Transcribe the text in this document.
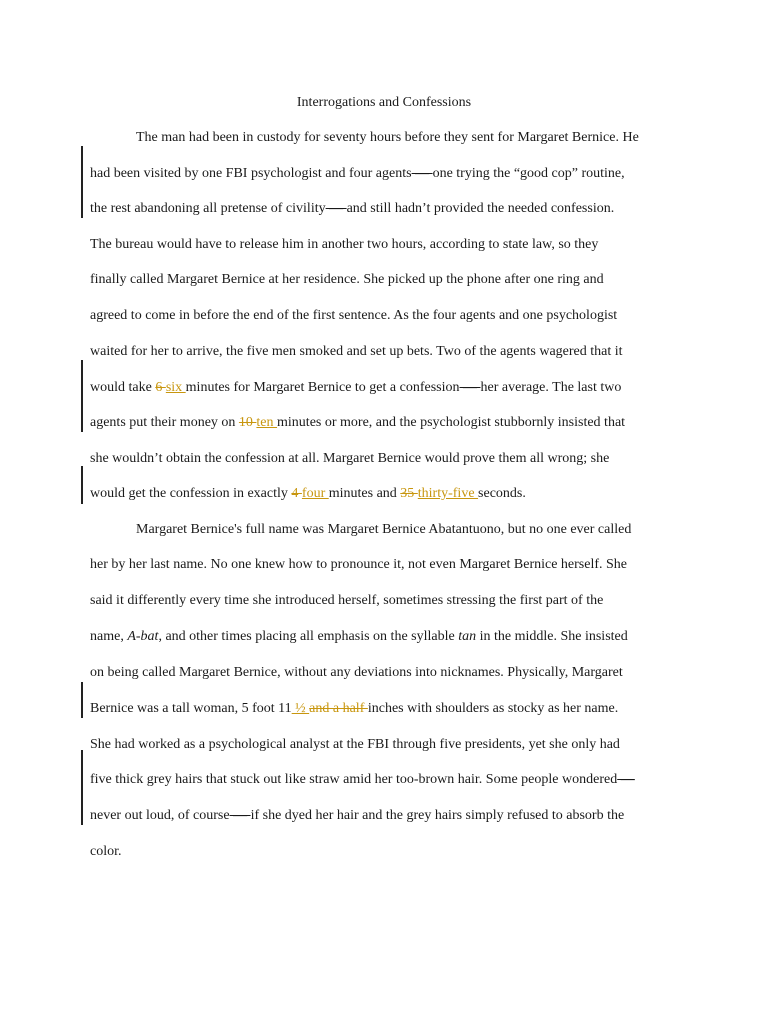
Interrogations and Confessions
The man had been in custody for seventy hours before they sent for Margaret Bernice. He
had been visited by one FBI psychologist and four agents — one trying the “good cop” routine,
the rest abandoning all pretense of civility — and still hadn’t provided the needed confession.
The bureau would have to release him in another two hours, according to state law, so they
finally called Margaret Bernice at her residence. She picked up the phone after one ring and
agreed to come in before the end of the first sentence. As the four agents and one psychologist
waited for her to arrive, the five men smoked and set up bets. Two of the agents wagered that it
would take 6 six minutes for Margaret Bernice to get a confession — her average. The last two
agents put their money on 10 ten minutes or more, and the psychologist stubbornly insisted that
she wouldn’t obtain the confession at all. Margaret Bernice would prove them all wrong; she
would get the confession in exactly 4 four minutes and 35 thirty-five seconds.
Margaret Bernice's full name was Margaret Bernice Abatantuono, but no one ever called
her by her last name. No one knew how to pronounce it, not even Margaret Bernice herself. She
said it differently every time she introduced herself, sometimes stressing the first part of the
name, A-bat, and other times placing all emphasis on the syllable tan in the middle. She insisted
on being called Margaret Bernice, without any deviations into nicknames. Physically, Margaret
Bernice was a tall woman, 5 foot 11 ½ and a half inches with shoulders as stocky as her name.
She had worked as a psychological analyst at the FBI through five presidents, yet she only had
five thick grey hairs that stuck out like straw amid her too-brown hair. Some people wondered —
never out loud, of course — if she dyed her hair and the grey hairs simply refused to absorb the
color.
